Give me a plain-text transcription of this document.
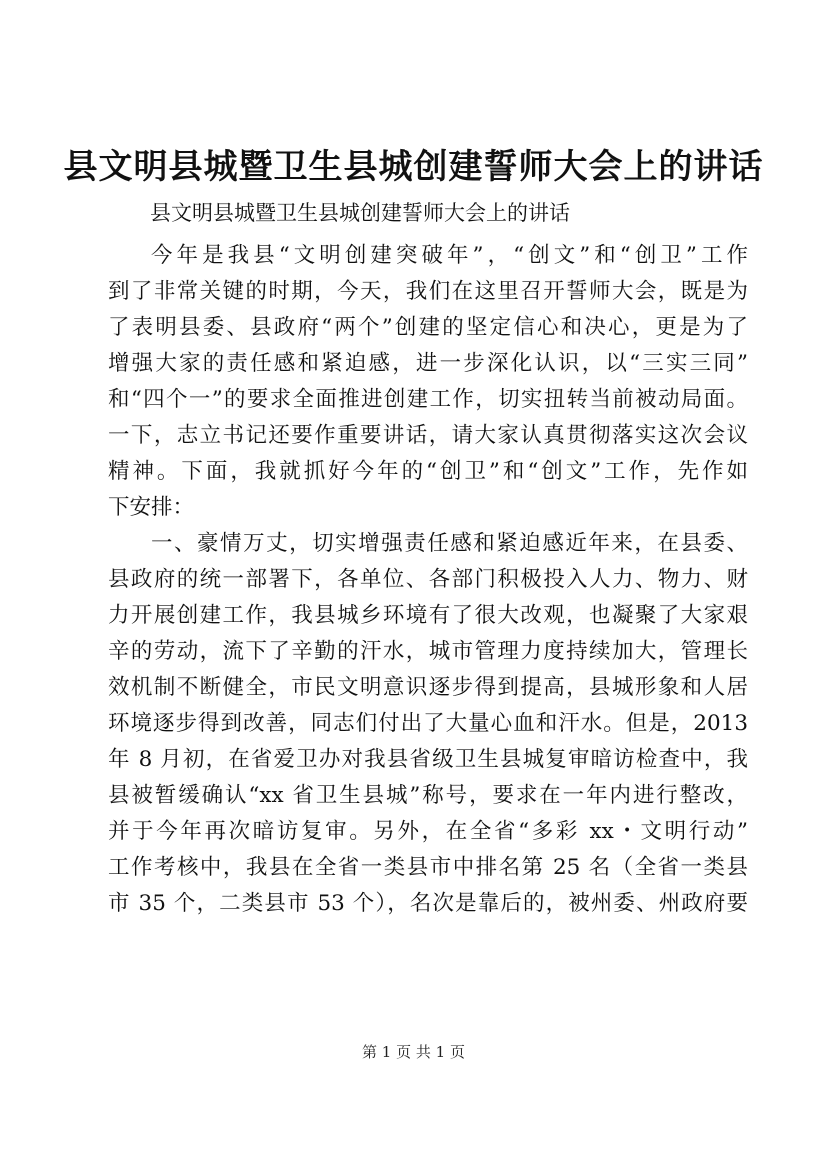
县文明县城暨卫生县城创建誓师大会上的讲话

县文明县城暨卫生县城创建誓师大会上的讲话

今年是我县“文明创建突破年”，“创文”和“创卫”工作
到了非常关键的时期，今天，我们在这里召开誓师大会，既是为
了表明县委、县政府“两个”创建的坚定信心和决心，更是为了
增强大家的责任感和紧迫感，进一步深化认识，以“三实三同”
和“四个一”的要求全面推进创建工作，切实扭转当前被动局面。
一下，志立书记还要作重要讲话，请大家认真贯彻落实这次会议
精神。下面，我就抓好今年的“创卫”和“创文”工作，先作如
下安排：
一、豪情万丈，切实增强责任感和紧迫感近年来，在县委、
县政府的统一部署下，各单位、各部门积极投入人力、物力、财
力开展创建工作，我县城乡环境有了很大改观，也凝聚了大家艰
辛的劳动，流下了辛勤的汗水，城市管理力度持续加大，管理长
效机制不断健全，市民文明意识逐步得到提高，县城形象和人居
环境逐步得到改善，同志们付出了大量心血和汗水。但是，2013
年 8 月初，在省爱卫办对我县省级卫生县城复审暗访检查中，我
县被暂缓确认“xx 省卫生县城”称号，要求在一年内进行整改，
并于今年再次暗访复审。另外，在全省“多彩 xx・文明行动”
工作考核中，我县在全省一类县市中排名第 25 名（全省一类县
市 35 个，二类县市 53 个），名次是靠后的，被州委、州政府要
第 1 页 共 1 页
